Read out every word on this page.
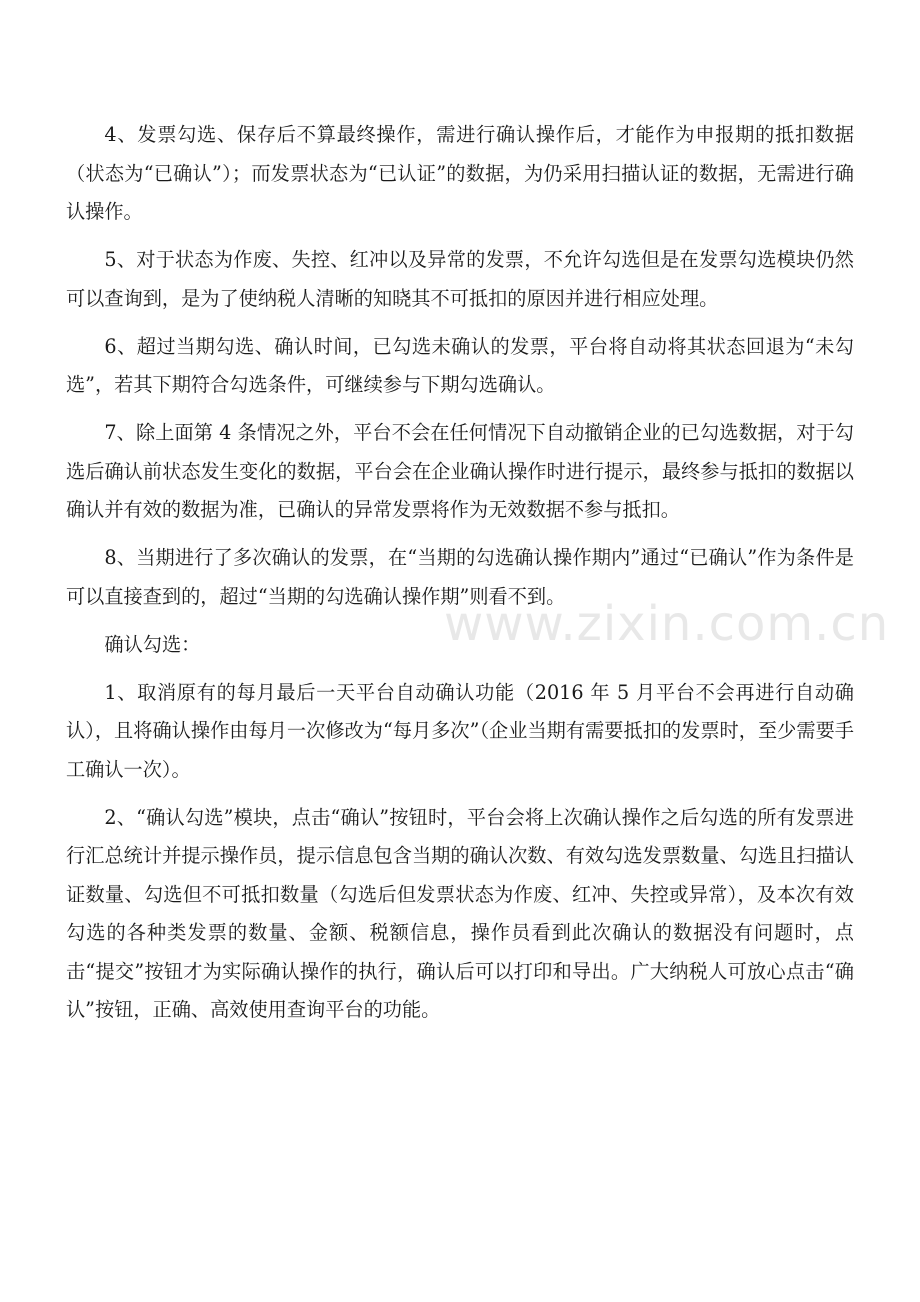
www.zixin.com.cn

4、发票勾选、保存后不算最终操作，需进行确认操作后，才能作为申报期的抵扣数据（状态为“已确认”）；而发票状态为“已认证”的数据，为仍采用扫描认证的数据，无需进行确认操作。

5、对于状态为作废、失控、红冲以及异常的发票，不允许勾选但是在发票勾选模块仍然可以查询到，是为了使纳税人清晰的知晓其不可抵扣的原因并进行相应处理。

6、超过当期勾选、确认时间，已勾选未确认的发票，平台将自动将其状态回退为“未勾选”，若其下期符合勾选条件，可继续参与下期勾选确认。

7、除上面第 4 条情况之外，平台不会在任何情况下自动撤销企业的已勾选数据，对于勾选后确认前状态发生变化的数据，平台会在企业确认操作时进行提示，最终参与抵扣的数据以确认并有效的数据为准，已确认的异常发票将作为无效数据不参与抵扣。

8、当期进行了多次确认的发票，在“当期的勾选确认操作期内”通过“已确认”作为条件是可以直接查到的，超过“当期的勾选确认操作期”则看不到。

确认勾选：

1、取消原有的每月最后一天平台自动确认功能（2016 年 5 月平台不会再进行自动确认），且将确认操作由每月一次修改为“每月多次”（企业当期有需要抵扣的发票时，至少需要手工确认一次）。

2、“确认勾选”模块，点击“确认”按钮时，平台会将上次确认操作之后勾选的所有发票进行汇总统计并提示操作员，提示信息包含当期的确认次数、有效勾选发票数量、勾选且扫描认证数量、勾选但不可抵扣数量（勾选后但发票状态为作废、红冲、失控或异常），及本次有效勾选的各种类发票的数量、金额、税额信息，操作员看到此次确认的数据没有问题时，点击“提交”按钮才为实际确认操作的执行，确认后可以打印和导出。广大纳税人可放心点击“确认”按钮，正确、高效使用查询平台的功能。
